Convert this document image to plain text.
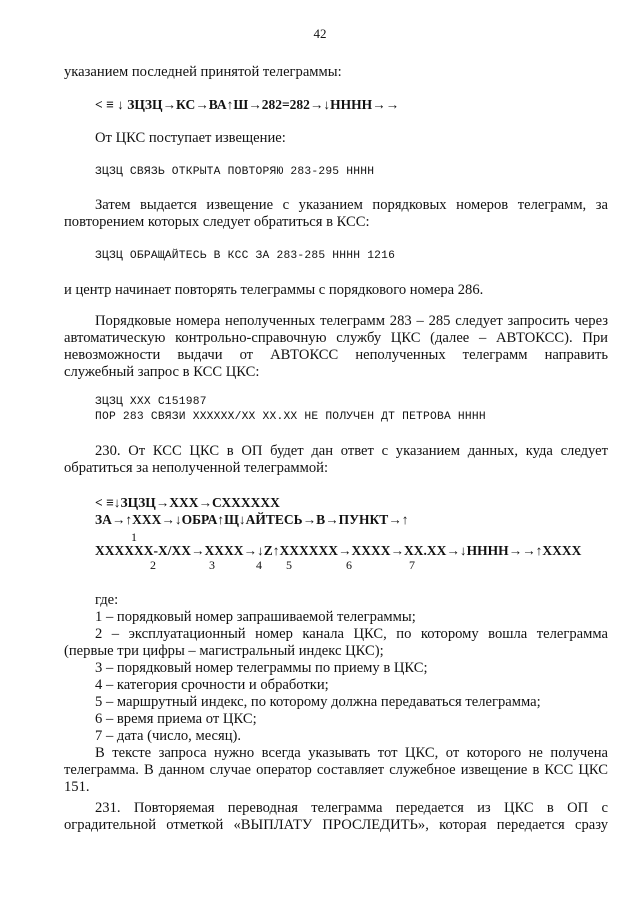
42
указанием последней принятой телеграммы:
< ≡ ↓ ЗЦЗЦ→КС→ВА↑Ш→282=282→↓ННHН→→
От ЦКС поступает извещение:
ЗЦЗЦ СВЯЗЬ ОТКРЫТА ПОВТОРЯЮ 283-295 НННН
Затем выдается извещение с указанием порядковых номеров телеграмм, за
повторением которых следует обратиться в КСС:
ЗЦЗЦ ОБРАЩАЙТЕСЬ В КСС ЗА 283-285 НННН 1216
и центр начинает повторять телеграммы с порядкового номера 286.
Порядковые номера неполученных телеграмм 283 – 285 следует запросить через
автоматическую контрольно-справочную службу ЦКС (далее – АВТОКСС). При
невозможности выдачи от АВТОКСС неполученных телеграмм направить
служебный запрос в КСС ЦКС:
ЗЦЗЦ ХХХ С151987
ПОР 283 СВЯЗИ ХХХХХХ/ХХ ХХ.ХХ НЕ ПОЛУЧЕН ДТ ПЕТРОВА НННН
230. От КСС ЦКС в ОП будет дан ответ с указанием данных, куда следует
обратиться за неполученной телеграммой:
< ≡↓ЗЦЗЦ→ХХХ→СХХХХХХ
ЗА→↑ХХХ→↓ОБРА↑Щ↓АЙТЕСЬ→В→ПУНКТ→↑
1
ХХХХХХ-Х/ХХ→ХХХХ→↓Z↑ХХХХХХ→ХХХХ→ХХ.ХХ→↓НННН→→↑ХХХХ
2	3	4 5	6	7
где:
1 – порядковый номер запрашиваемой телеграммы;
2 – эксплуатационный номер канала ЦКС, по которому вошла телеграмма
(первые три цифры – магистральный индекс ЦКС);
3 – порядковый номер телеграммы по приему в ЦКС;
4 – категория срочности и обработки;
5 – маршрутный индекс, по которому должна передаваться телеграмма;
6 – время приема от ЦКС;
7 – дата (число, месяц).
В тексте запроса нужно всегда указывать тот ЦКС, от которого не получена
телеграмма. В данном случае оператор составляет служебное извещение в КСС ЦКС
151.
231. Повторяемая переводная телеграмма передается из ЦКС в ОП с
оградительной отметкой «ВЫПЛАТУ ПРОСЛЕДИТЬ», которая передается сразу
